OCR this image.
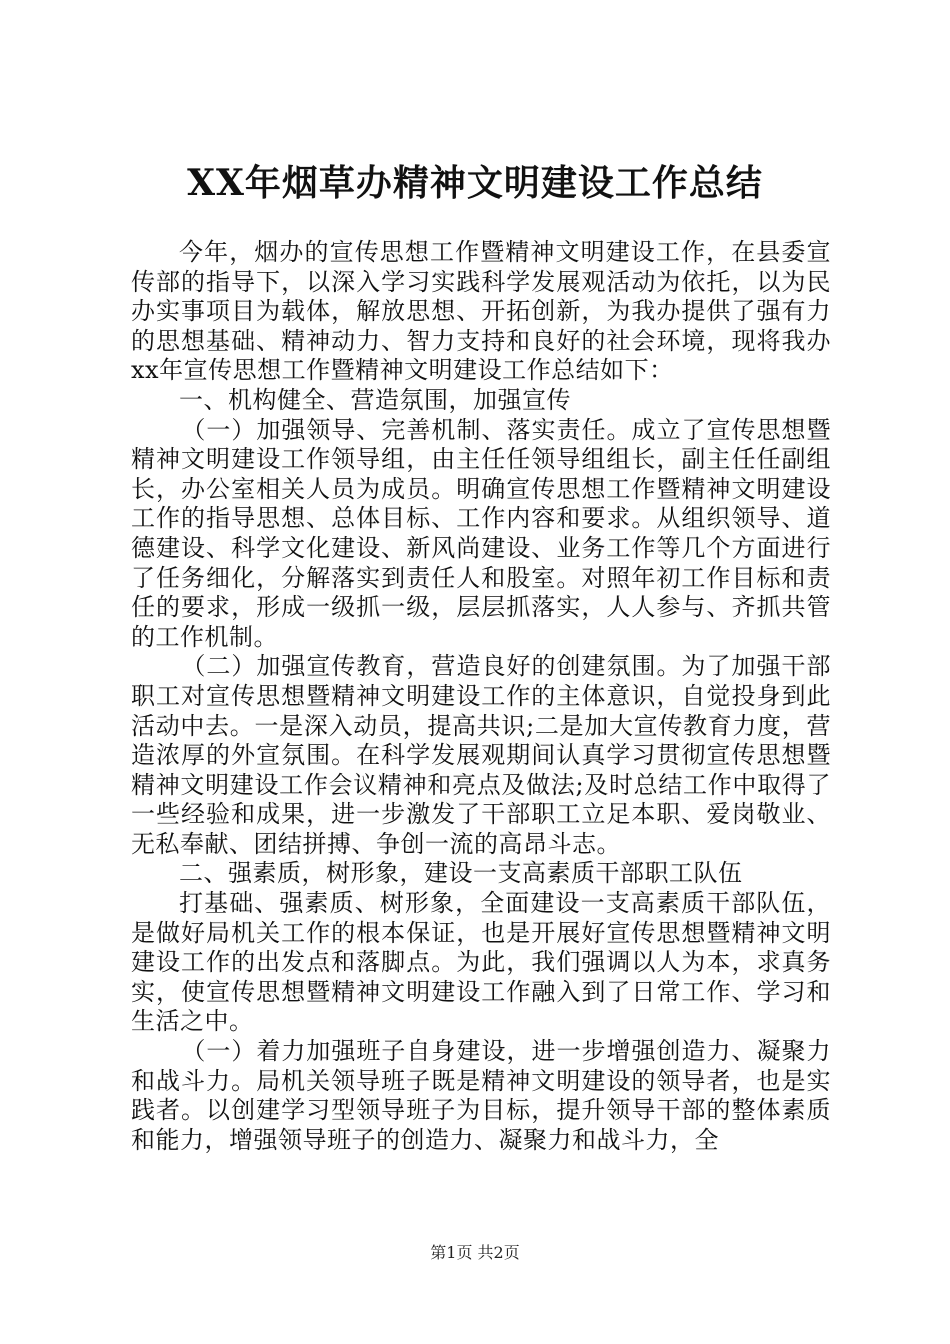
XX年烟草办精神文明建设工作总结

今年，烟办的宣传思想工作暨精神文明建设工作，在县委宣传部的指导下，以深入学习实践科学发展观活动为依托，以为民办实事项目为载体，解放思想、开拓创新，为我办提供了强有力的思想基础、精神动力、智力支持和良好的社会环境，现将我办xx年宣传思想工作暨精神文明建设工作总结如下：

一、机构健全、营造氛围，加强宣传

（一）加强领导、完善机制、落实责任。成立了宣传思想暨精神文明建设工作领导组，由主任任领导组组长，副主任任副组长，办公室相关人员为成员。明确宣传思想工作暨精神文明建设工作的指导思想、总体目标、工作内容和要求。从组织领导、道德建设、科学文化建设、新风尚建设、业务工作等几个方面进行了任务细化，分解落实到责任人和股室。对照年初工作目标和责任的要求，形成一级抓一级，层层抓落实，人人参与、齐抓共管的工作机制。

（二）加强宣传教育，营造良好的创建氛围。为了加强干部职工对宣传思想暨精神文明建设工作的主体意识，自觉投身到此活动中去。一是深入动员，提高共识;二是加大宣传教育力度，营造浓厚的外宣氛围。在科学发展观期间认真学习贯彻宣传思想暨精神文明建设工作会议精神和亮点及做法;及时总结工作中取得了一些经验和成果，进一步激发了干部职工立足本职、爱岗敬业、无私奉献、团结拼搏、争创一流的高昂斗志。

二、强素质，树形象，建设一支高素质干部职工队伍

打基础、强素质、树形象，全面建设一支高素质干部队伍，是做好局机关工作的根本保证，也是开展好宣传思想暨精神文明建设工作的出发点和落脚点。为此，我们强调以人为本，求真务实，使宣传思想暨精神文明建设工作融入到了日常工作、学习和生活之中。

（一）着力加强班子自身建设，进一步增强创造力、凝聚力和战斗力。局机关领导班子既是精神文明建设的领导者，也是实践者。以创建学习型领导班子为目标，提升领导干部的整体素质和能力，增强领导班子的创造力、凝聚力和战斗力，全

第1页 共2页
